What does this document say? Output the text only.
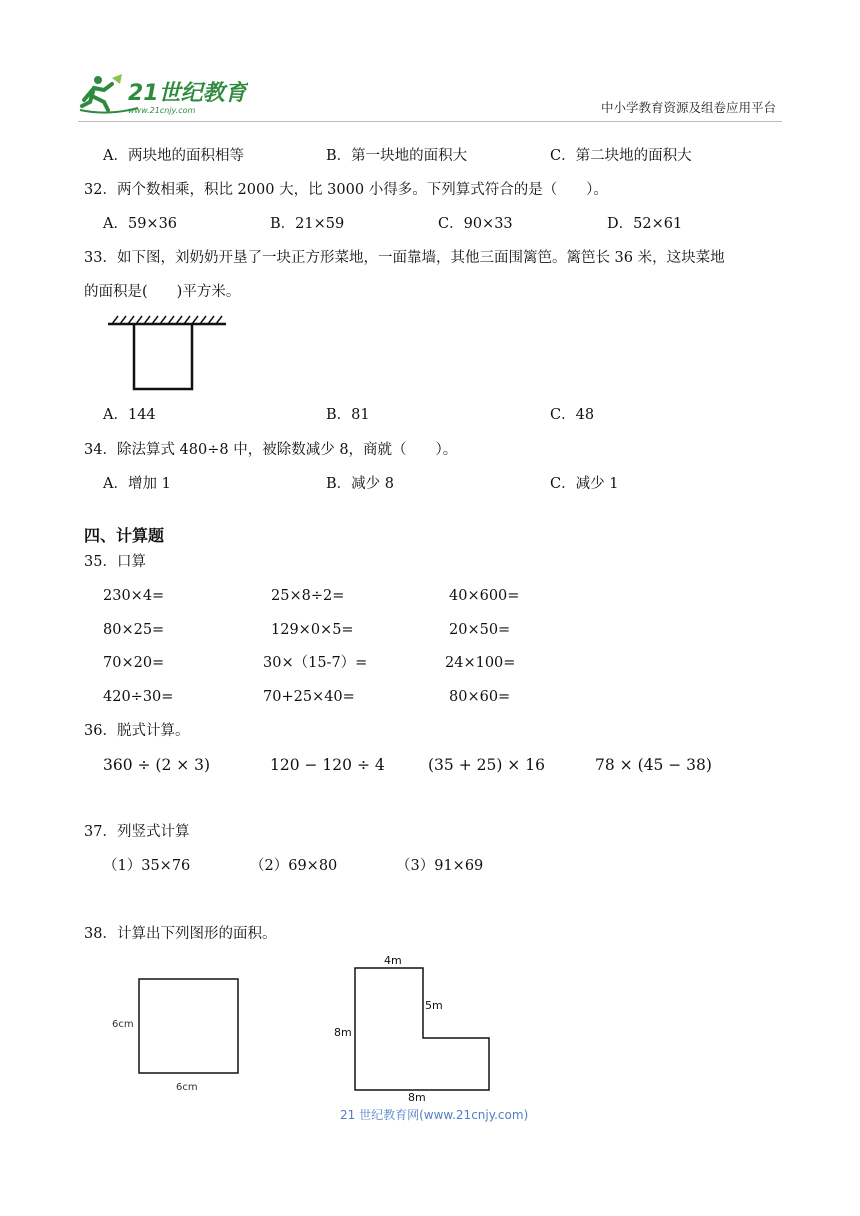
21世纪教育
www.21cnjy.com	中小学教育资源及组卷应用平台
A．两块地的面积相等	B．第一块地的面积大	C．第二块地的面积大
32．两个数相乘，积比 2000 大，比 3000 小得多。下列算式符合的是（　　）。
A．59×36	B．21×59	C．90×33	D．52×61
33．如下图，刘奶奶开垦了一块正方形菜地，一面靠墙，其他三面围篱笆。篱笆长 36 米，这块菜地
的面积是(　　)平方米。
A．144	B．81	C．48
34．除法算式 480÷8 中，被除数减少 8，商就（　　）。
A．增加 1	B．减少 8	C．减少 1
四、计算题
35．口算
230×4=	25×8÷2=	40×600=
80×25=	129×0×5=	20×50=
70×20=	30×（15-7）=	24×100=
420÷30=	70+25×40=	80×60=
36．脱式计算。
360 ÷ (2 × 3)	120 − 120 ÷ 4	(35 + 25) × 16	78 × (45 − 38)
37．列竖式计算
（1）35×76	（2）69×80	（3）91×69
38．计算出下列图形的面积。
6cm
6cm
4m
5m
8m
8m
21 世纪教育网(www.21cnjy.com)
